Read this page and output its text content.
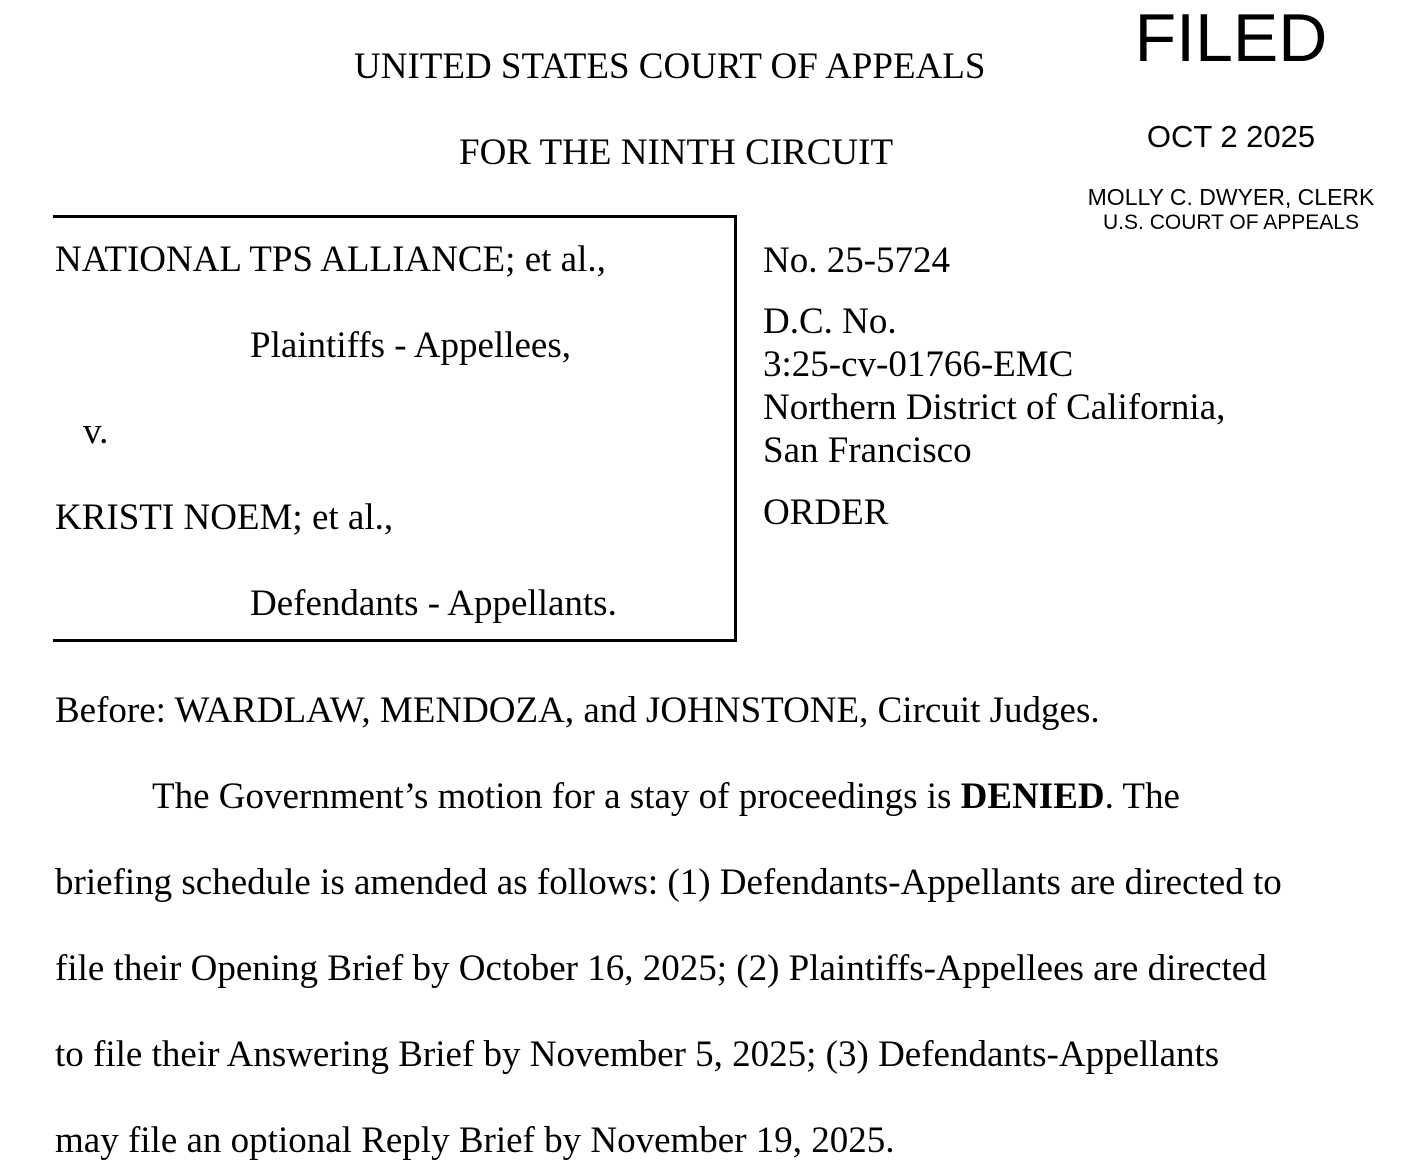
UNITED STATES COURT OF APPEALS
FOR THE NINTH CIRCUIT
FILED
OCT 2 2025
MOLLY C. DWYER, CLERK
U.S. COURT OF APPEALS
NATIONAL TPS ALLIANCE; et al.,
Plaintiffs - Appellees,
v.
KRISTI NOEM; et al.,
Defendants - Appellants.
No. 25-5724
D.C. No.
3:25-cv-01766-EMC
Northern District of California,
San Francisco
ORDER
Before: WARDLAW, MENDOZA, and JOHNSTONE, Circuit Judges.
The Government’s motion for a stay of proceedings is DENIED. The
briefing schedule is amended as follows: (1) Defendants-Appellants are directed to
file their Opening Brief by October 16, 2025; (2) Plaintiffs-Appellees are directed
to file their Answering Brief by November 5, 2025; (3) Defendants-Appellants
may file an optional Reply Brief by November 19, 2025.
